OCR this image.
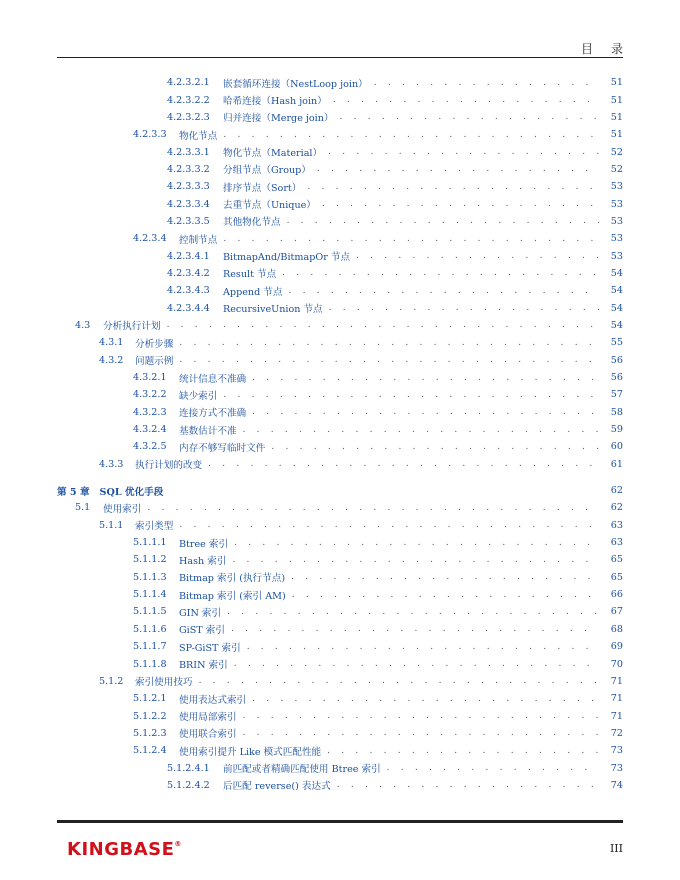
目录
4.2.3.2.1	嵌套循环连接（NestLoop join） . . .	51
4.2.3.2.2	哈希连接（Hash join） . . .	51
4.2.3.2.3	归并连接（Merge join） . . .	51
4.2.3.3 物化节点 . . .	51
4.2.3.3.1	物化节点（Material） . . .	52
4.2.3.3.2	分组节点（Group） . . .	52
4.2.3.3.3	排序节点（Sort） . . .	53
4.2.3.3.4	去重节点（Unique） . . .	53
4.2.3.3.5	其他物化节点 . . .	53
4.2.3.4 控制节点 . . .	53
4.2.3.4.1	BitmapAnd/BitmapOr 节点 . . .	53
4.2.3.4.2	Result 节点 . . .	54
4.2.3.4.3	Append 节点 . . .	54
4.2.3.4.4	RecursiveUnion 节点 . . .	54
4.3 分析执行计划 . . .	54
4.3.1 分析步骤 . . .	55
4.3.2 问题示例 . . .	56
4.3.2.1 统计信息不准确 . . .	56
4.3.2.2 缺少索引 . . .	57
4.3.2.3 连接方式不准确 . . .	58
4.3.2.4 基数估计不准 . . .	59
4.3.2.5 内存不够写临时文件 . . .	60
4.3.3 执行计划的改变 . . .	61
第 5 章 SQL 优化手段	62
5.1 使用索引 . . .	62
5.1.1 索引类型 . . .	63
5.1.1.1 Btree 索引 . . .	63
5.1.1.2 Hash 索引 . . .	65
5.1.1.3 Bitmap 索引 (执行节点) . . .	65
5.1.1.4 Bitmap 索引 (索引 AM) . . .	66
5.1.1.5 GIN 索引 . . .	67
5.1.1.6 GiST 索引 . . .	68
5.1.1.7 SP-GiST 索引 . . .	69
5.1.1.8 BRIN 索引 . . .	70
5.1.2 索引使用技巧 . . .	71
5.1.2.1 使用表达式索引 . . .	71
5.1.2.2 使用局部索引 . . .	71
5.1.2.3 使用联合索引 . . .	72
5.1.2.4 使用索引提升 Like 模式匹配性能 . . .	73
5.1.2.4.1	前匹配或者精确匹配使用 Btree 索引 . . .	73
5.1.2.4.2	后匹配 reverse() 表达式 . . .	74
KINGBASE®	III
